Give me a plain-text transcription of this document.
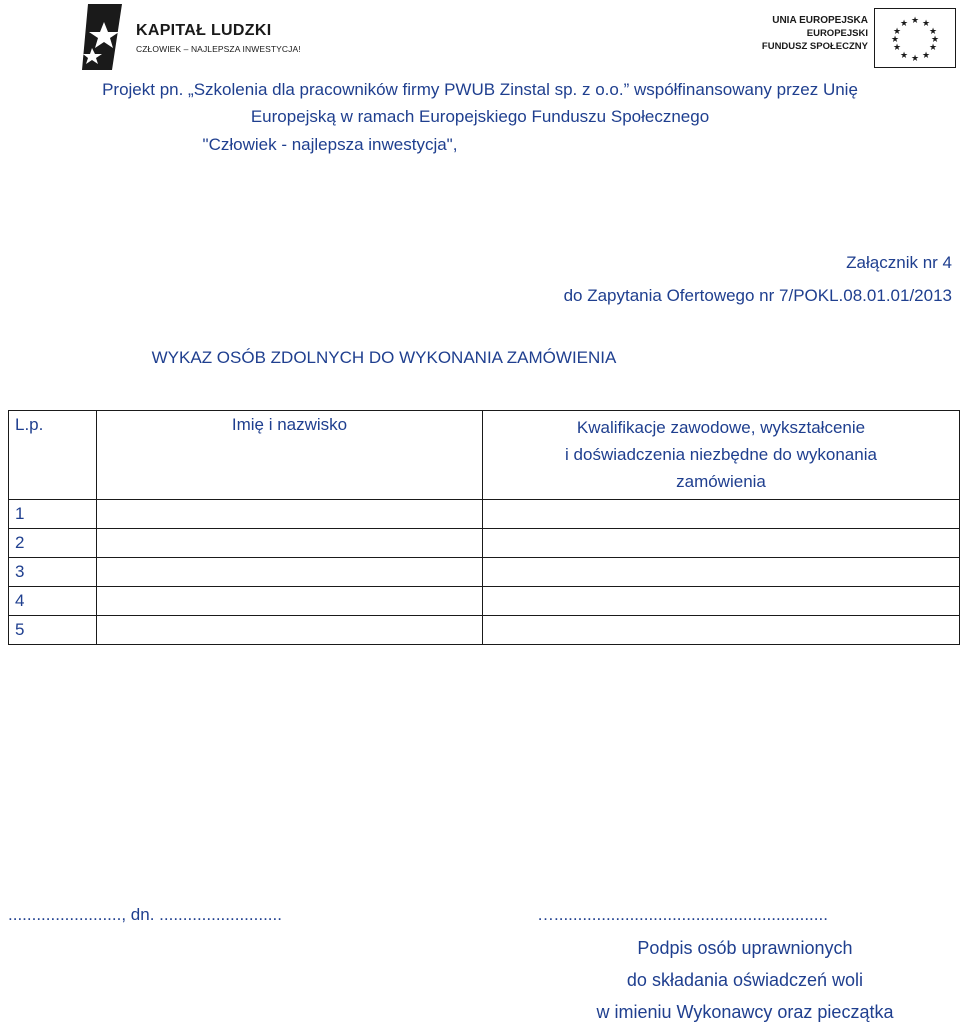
KAPITAŁ LUDZKI
CZŁOWIEK – NAJLEPSZA INWESTYCJA!
UNIA EUROPEJSKA
EUROPEJSKI
FUNDUSZ SPOŁECZNY
★ ★
★
★
★
★
★
★
★
★
★
★
Projekt pn. „Szkolenia dla pracowników firmy PWUB Zinstal sp. z o.o.” współfinansowany przez Unię
Europejską w ramach Europejskiego Funduszu Społecznego
"Człowiek - najlepsza inwestycja",
Załącznik nr 4
do Zapytania Ofertowego nr 7/POKL.08.01.01/2013
WYKAZ OSÓB ZDOLNYCH DO WYKONANIA ZAMÓWIENIA
L.p.	Imię i nazwisko	Kwalifikacje zawodowe, wykształcenie
i doświadczenia niezbędne do wykonania
zamówienia

1		
2		
3		
4		
5		
........................, dn. ..........................	…..........................................................
Podpis osób uprawnionych
do składania oświadczeń woli
w imieniu Wykonawcy oraz pieczątka
